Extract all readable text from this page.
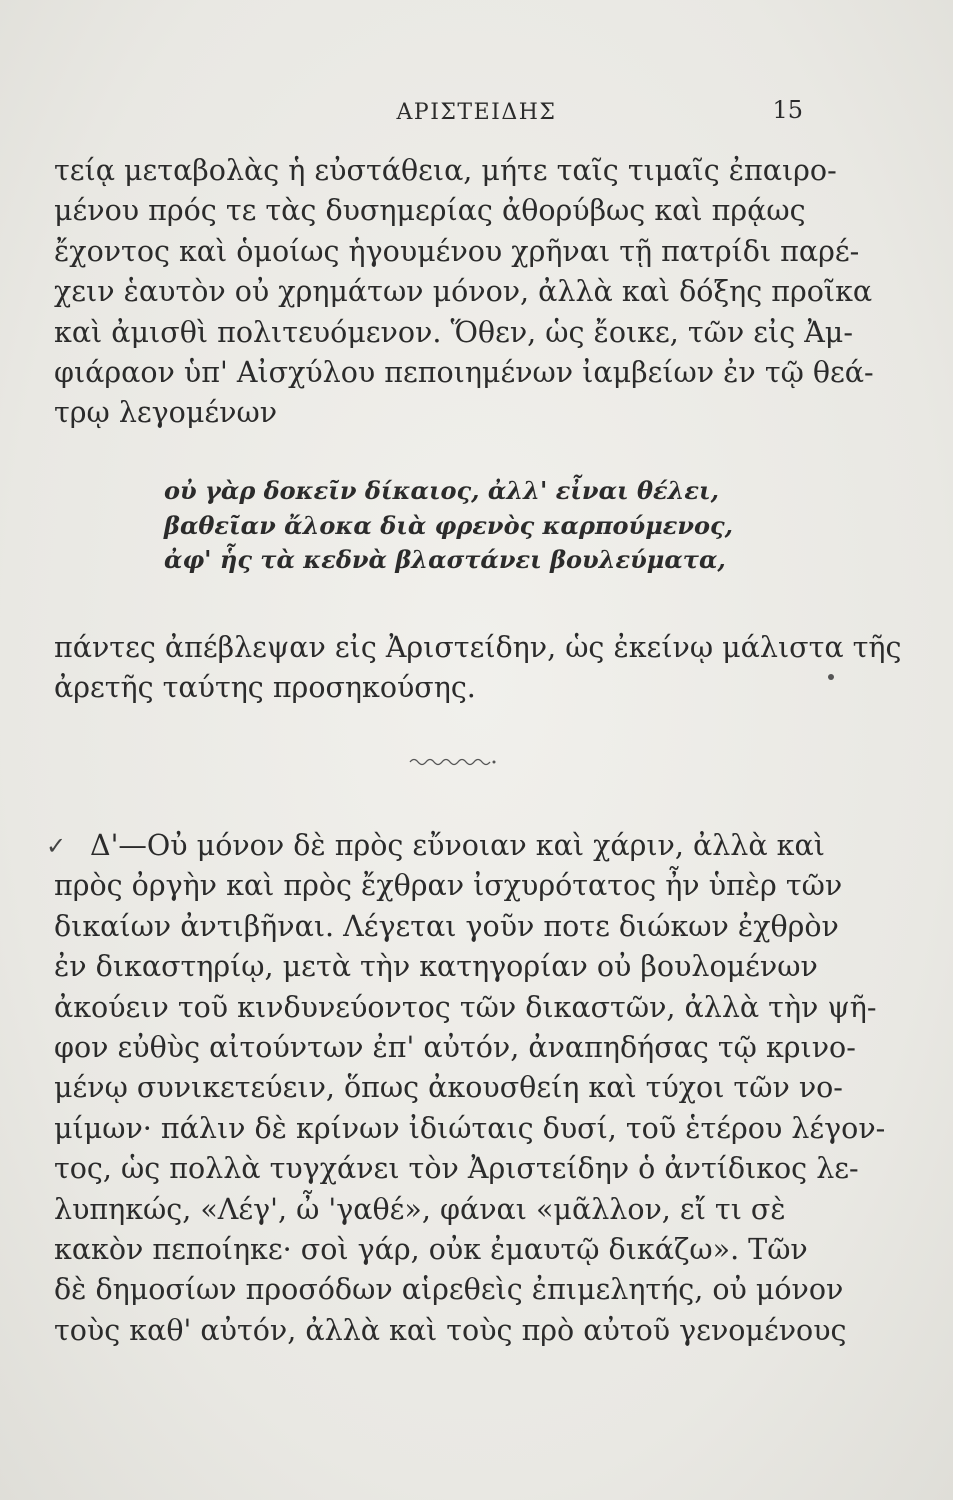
ΑΡΙΣΤΕΙΔΗΣ	15
τείᾳ μεταβολὰς ἡ εὐστάθεια, μήτε ταῖς τιμαῖς ἐπαιρο-
μένου πρός τε τὰς δυσημερίας ἀθορύβως καὶ πρᾴως
ἔχοντος καὶ ὁμοίως ἡγουμένου χρῆναι τῇ πατρίδι παρέ-
χειν ἑαυτὸν οὐ χρημάτων μόνον, ἀλλὰ καὶ δόξης προῖκα
καὶ ἀμισθὶ πολιτευόμενον. Ὅθεν, ὡς ἔοικε, τῶν εἰς Ἀμ-
φιάραον ὑπ' Αἰσχύλου πεποιημένων ἰαμβείων ἐν τῷ θεά-
τρῳ λεγομένων
οὐ γὰρ δοκεῖν δίκαιος, ἀλλ' εἶναι θέλει,
βαθεῖαν ἄλοκα διὰ φρενὸς καρπούμενος,
ἀφ' ἧς τὰ κεδνὰ βλαστάνει βουλεύματα,
πάντες ἀπέβλεψαν εἰς Ἀριστείδην, ὡς ἐκείνῳ μάλιστα τῆς
ἀρετῆς ταύτης προσηκούσης.
✓ Δ'—Οὐ μόνον δὲ πρὸς εὔνοιαν καὶ χάριν, ἀλλὰ καὶ
πρὸς ὀργὴν καὶ πρὸς ἔχθραν ἰσχυρότατος ἦν ὑπὲρ τῶν
δικαίων ἀντιβῆναι. Λέγεται γοῦν ποτε διώκων ἐχθρὸν
ἐν δικαστηρίῳ, μετὰ τὴν κατηγορίαν οὐ βουλομένων
ἀκούειν τοῦ κινδυνεύοντος τῶν δικαστῶν, ἀλλὰ τὴν ψῆ-
φον εὐθὺς αἰτούντων ἐπ' αὐτόν, ἀναπηδήσας τῷ κρινο-
μένῳ συνικετεύειν, ὅπως ἀκουσθείη καὶ τύχοι τῶν νο-
μίμων· πάλιν δὲ κρίνων ἰδιώταις δυσί, τοῦ ἑτέρου λέγον-
τος, ὡς πολλὰ τυγχάνει τὸν Ἀριστείδην ὁ ἀντίδικος λε-
λυπηκώς, «Λέγ', ὦ 'γαθέ», φάναι «μᾶλλον, εἴ τι σὲ
κακὸν πεποίηκε· σοὶ γάρ, οὐκ ἐμαυτῷ δικάζω». Τῶν
δὲ δημοσίων προσόδων αἱρεθεὶς ἐπιμελητής, οὐ μόνον
τοὺς καθ' αὐτόν, ἀλλὰ καὶ τοὺς πρὸ αὐτοῦ γενομένους
